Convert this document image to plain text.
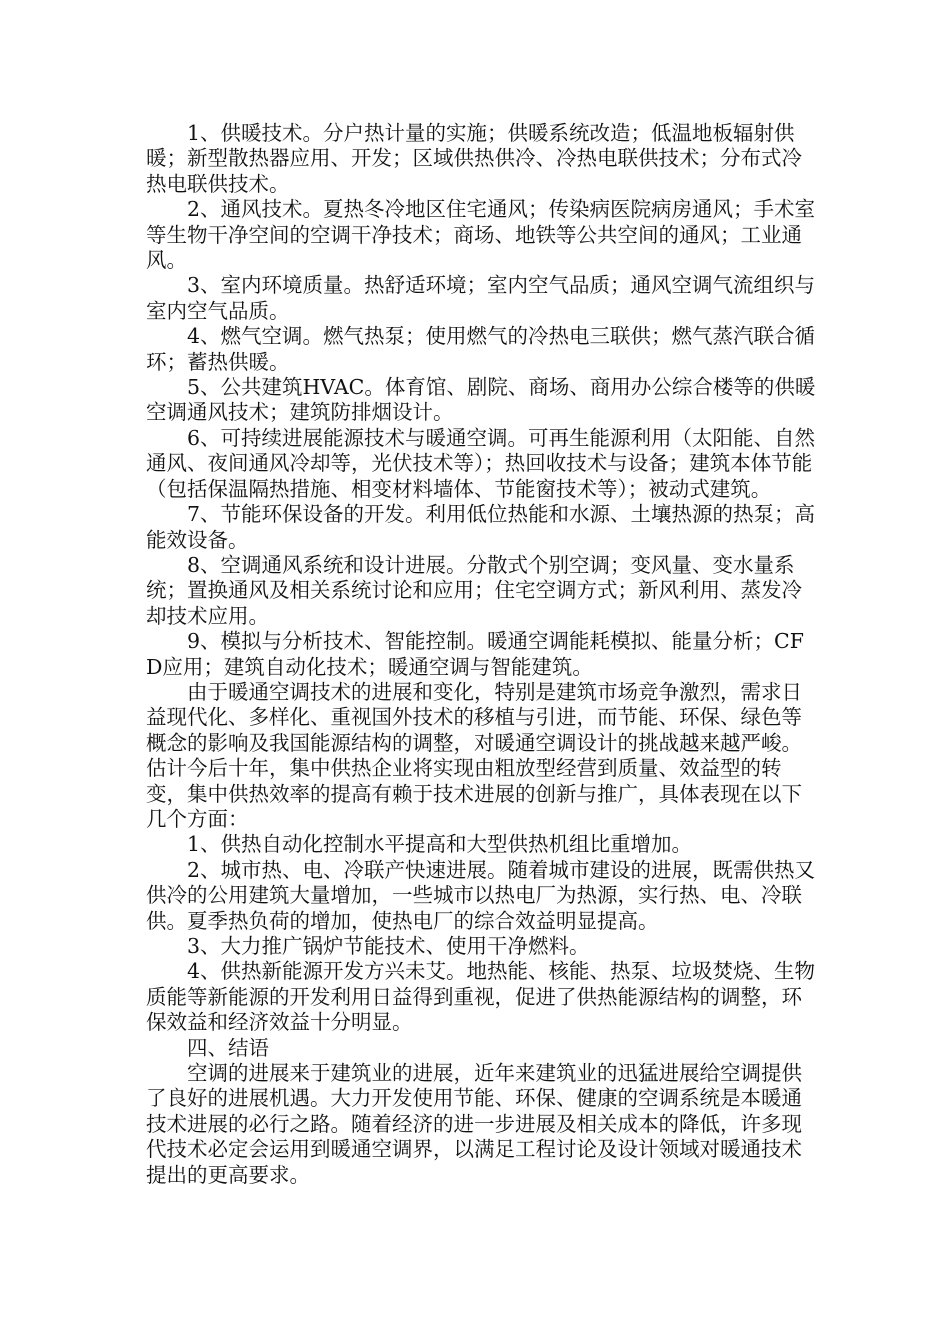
1、供暖技术。分户热计量的实施；供暖系统改造；低温地板辐射供暖；新型散热器应用、开发；区域供热供冷、冷热电联供技术；分布式冷热电联供技术。

2、通风技术。夏热冬冷地区住宅通风；传染病医院病房通风；手术室等生物干净空间的空调干净技术；商场、地铁等公共空间的通风；工业通风。

3、室内环境质量。热舒适环境；室内空气品质；通风空调气流组织与室内空气品质。

4、燃气空调。燃气热泵；使用燃气的冷热电三联供；燃气蒸汽联合循环；蓄热供暖。

5、公共建筑HVAC。体育馆、剧院、商场、商用办公综合楼等的供暖空调通风技术；建筑防排烟设计。

6、可持续进展能源技术与暖通空调。可再生能源利用（太阳能、自然通风、夜间通风冷却等，光伏技术等）；热回收技术与设备；建筑本体节能（包括保温隔热措施、相变材料墙体、节能窗技术等）；被动式建筑。

7、节能环保设备的开发。利用低位热能和水源、土壤热源的热泵；高能效设备。

8、空调通风系统和设计进展。分散式个别空调；变风量、变水量系统；置换通风及相关系统讨论和应用；住宅空调方式；新风利用、蒸发冷却技术应用。

9、模拟与分析技术、智能控制。暖通空调能耗模拟、能量分析；CFD应用；建筑自动化技术；暖通空调与智能建筑。

由于暖通空调技术的进展和变化，特别是建筑市场竞争激烈，需求日益现代化、多样化、重视国外技术的移植与引进，而节能、环保、绿色等概念的影响及我国能源结构的调整，对暖通空调设计的挑战越来越严峻。估计今后十年，集中供热企业将实现由粗放型经营到质量、效益型的转变，集中供热效率的提高有赖于技术进展的创新与推广，具体表现在以下几个方面：

1、供热自动化控制水平提高和大型供热机组比重增加。

2、城市热、电、冷联产快速进展。随着城市建设的进展，既需供热又供冷的公用建筑大量增加，一些城市以热电厂为热源，实行热、电、冷联供。夏季热负荷的增加，使热电厂的综合效益明显提高。

3、大力推广锅炉节能技术、使用干净燃料。

4、供热新能源开发方兴未艾。地热能、核能、热泵、垃圾焚烧、生物质能等新能源的开发利用日益得到重视，促进了供热能源结构的调整，环保效益和经济效益十分明显。

四、结语

空调的进展来于建筑业的进展，近年来建筑业的迅猛进展给空调提供了良好的进展机遇。大力开发使用节能、环保、健康的空调系统是本暖通技术进展的必行之路。随着经济的进一步进展及相关成本的降低，许多现代技术必定会运用到暖通空调界，以满足工程讨论及设计领域对暖通技术提出的更高要求。
